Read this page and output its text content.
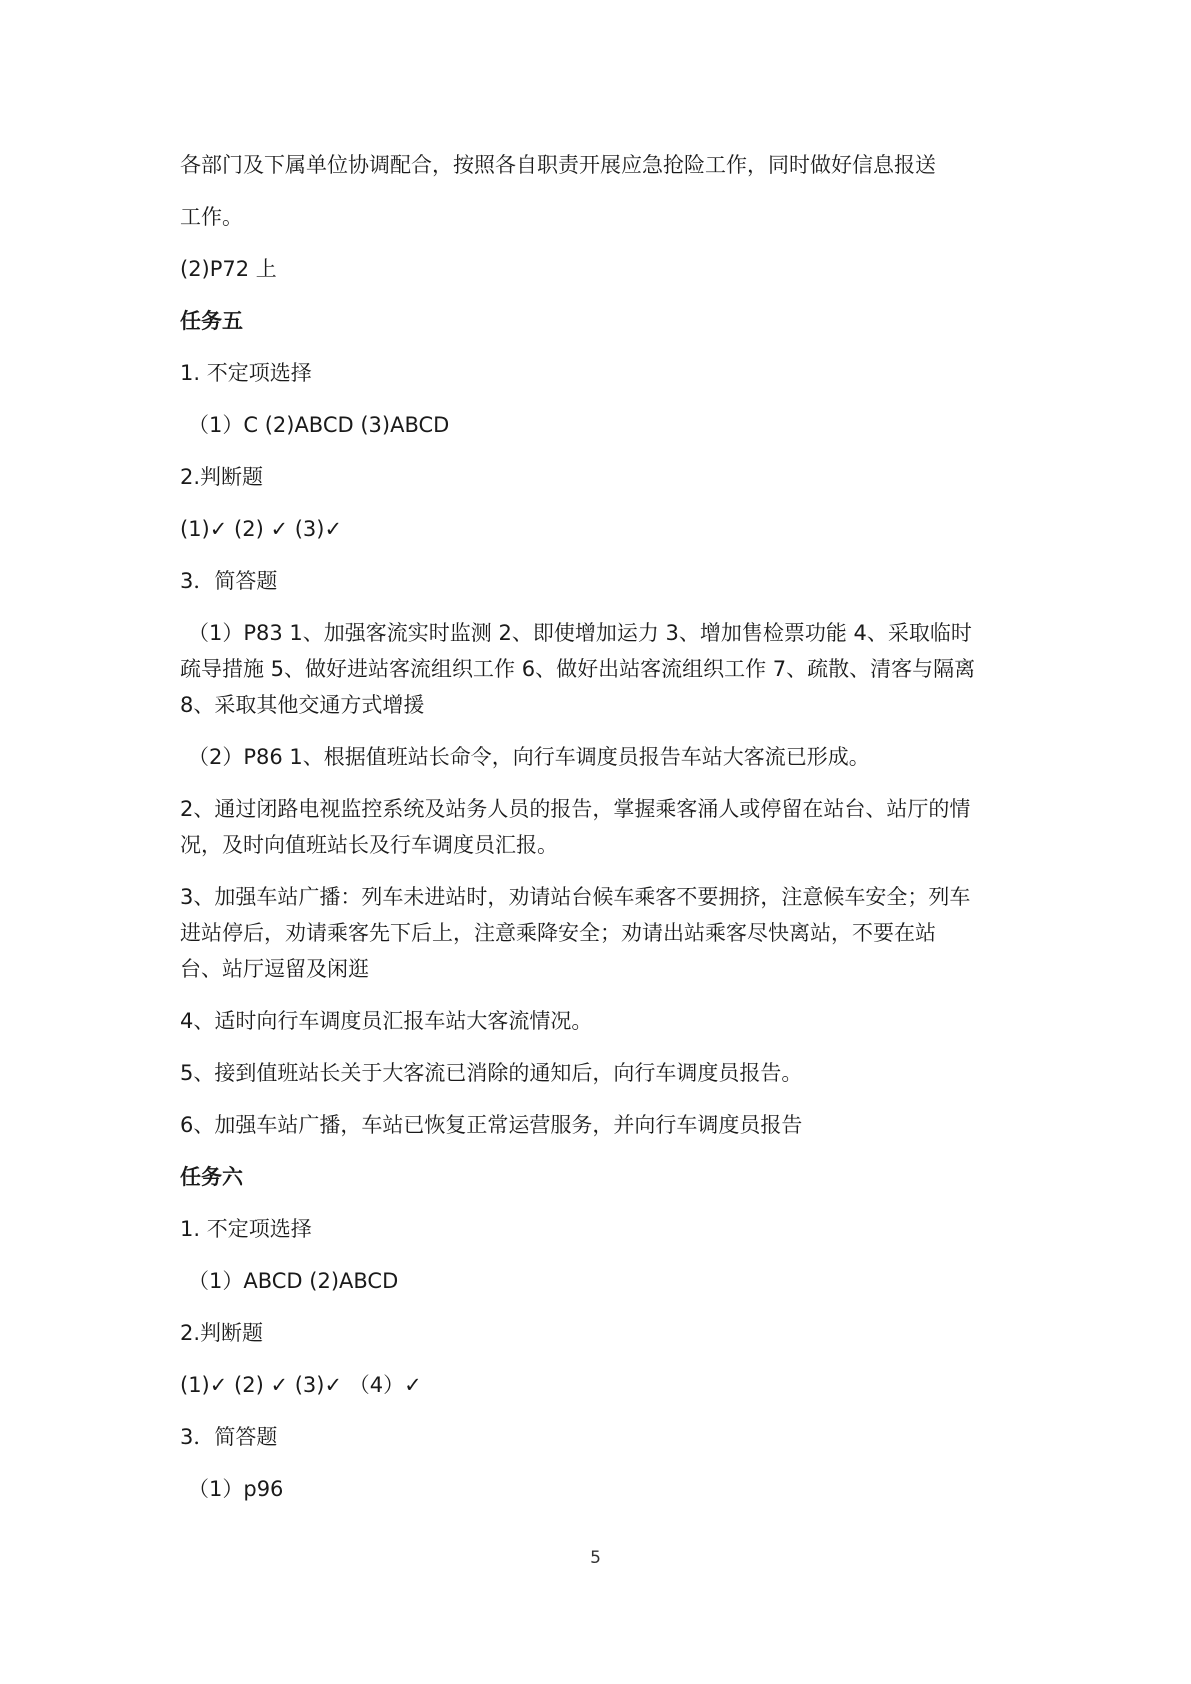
各部门及下属单位协调配合，按照各自职责开展应急抢险工作，同时做好信息报送
工作。
(2)P72 上
任务五
1. 不定项选择
（1）C (2)ABCD (3)ABCD
2.判断题
(1)✓ (2) ✓ (3)✓
3．简答题
（1）P83 1、加强客流实时监测 2、即使增加运力 3、增加售检票功能 4、采取临时
疏导措施 5、做好进站客流组织工作 6、做好出站客流组织工作 7、疏散、清客与隔离
8、采取其他交通方式增援
（2）P86 1、根据值班站长命令，向行车调度员报告车站大客流已形成。
2、通过闭路电视监控系统及站务人员的报告，掌握乘客涌人或停留在站台、站厅的情
况，及时向值班站长及行车调度员汇报。
3、加强车站广播：列车未进站时，劝请站台候车乘客不要拥挤，注意候车安全；列车
进站停后，劝请乘客先下后上，注意乘降安全；劝请出站乘客尽快离站，不要在站
台、站厅逗留及闲逛
4、适时向行车调度员汇报车站大客流情况。
5、接到值班站长关于大客流已消除的通知后，向行车调度员报告。
6、加强车站广播，车站已恢复正常运营服务，并向行车调度员报告
任务六
1. 不定项选择
（1）ABCD (2)ABCD
2.判断题
(1)✓ (2) ✓ (3)✓ （4）✓
3．简答题
（1）p96
5
